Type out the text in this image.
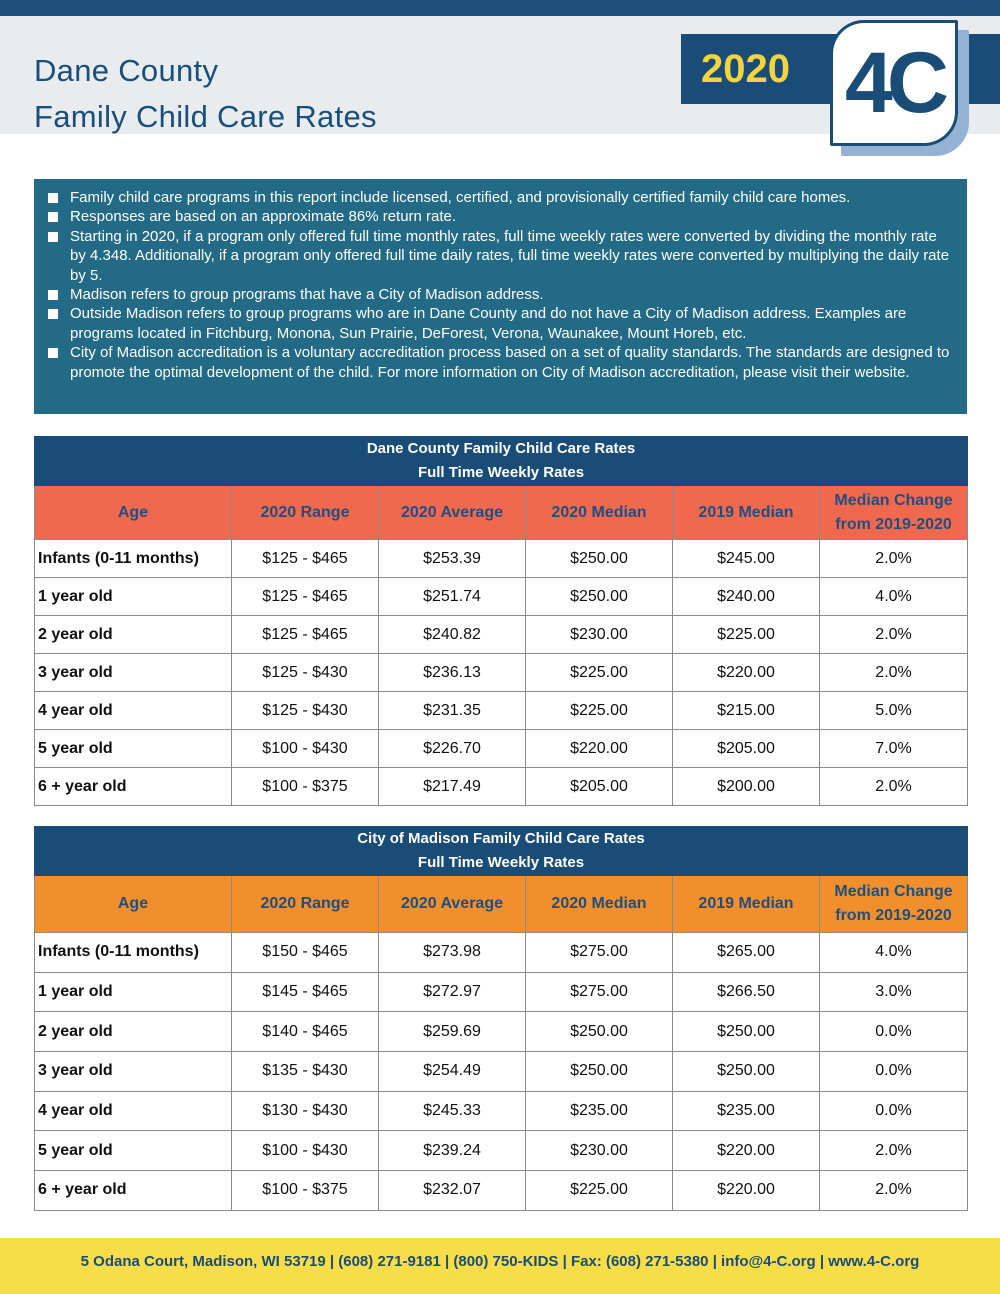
Dane County
Family Child Care Rates
2020 4C
Family child care programs in this report include licensed, certified, and provisionally certified family child care homes.
Responses are based on an approximate 86% return rate.
Starting in 2020, if a program only offered full time monthly rates, full time weekly rates were converted by dividing the monthly rate by 4.348. Additionally, if a program only offered full time daily rates, full time weekly rates were converted by multiplying the daily rate by 5.
Madison refers to group programs that have a City of Madison address.
Outside Madison refers to group programs who are in Dane County and do not have a City of Madison address. Examples are programs located in Fitchburg, Monona, Sun Prairie, DeForest, Verona, Waunakee, Mount Horeb, etc.
City of Madison accreditation is a voluntary accreditation process based on a set of quality standards. The standards are designed to promote the optimal development of the child. For more information on City of Madison accreditation, please visit their website.
Dane County Family Child Care Rates
Full Time Weekly Rates					

Age	2020 Range	2020 Average	2020 Median	2019 Median	Median Change from 2019-2020
Infants (0-11 months)	$125 - $465	$253.39	$250.00	$245.00	2.0%
1 year old	$125 - $465	$251.74	$250.00	$240.00	4.0%
2 year old	$125 - $465	$240.82	$230.00	$225.00	2.0%
3 year old	$125 - $430	$236.13	$225.00	$220.00	2.0%
4 year old	$125 - $430	$231.35	$225.00	$215.00	5.0%
5 year old	$100 - $430	$226.70	$220.00	$205.00	7.0%
6 + year old	$100 - $375	$217.49	$205.00	$200.00	2.0%
City of Madison Family Child Care Rates
Full Time Weekly Rates					

Age	2020 Range	2020 Average	2020 Median	2019 Median	Median Change from 2019-2020
Infants (0-11 months)	$150 - $465	$273.98	$275.00	$265.00	4.0%
1 year old	$145 - $465	$272.97	$275.00	$266.50	3.0%
2 year old	$140 - $465	$259.69	$250.00	$250.00	0.0%
3 year old	$135 - $430	$254.49	$250.00	$250.00	0.0%
4 year old	$130 - $430	$245.33	$235.00	$235.00	0.0%
5 year old	$100 - $430	$239.24	$230.00	$220.00	2.0%
6 + year old	$100 - $375	$232.07	$225.00	$220.00	2.0%
5 Odana Court, Madison, WI 53719 | (608) 271-9181 | (800) 750-KIDS | Fax: (608) 271-5380 | info@4-C.org | www.4-C.org
